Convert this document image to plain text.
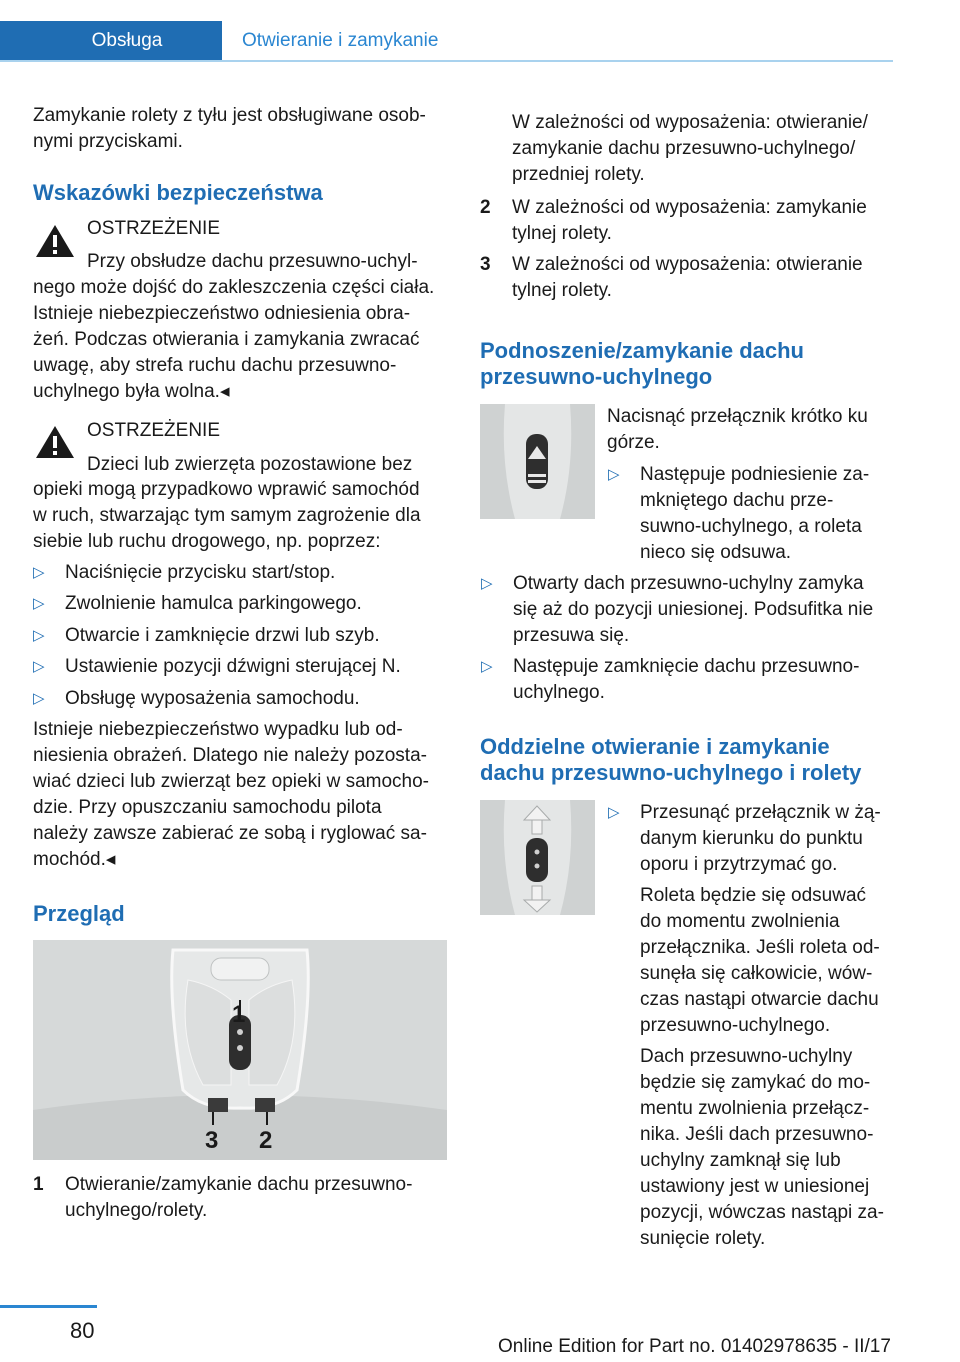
Obsługa	Otwieranie i zamykanie

Zamykanie rolety z tyłu jest obsługiwane osob-

nymi przyciskami.

Wskazówki bezpieczeństwa

OSTRZEŻENIE

Przy obsłudze dachu przesuwno-uchyl-

nego może dojść do zakleszczenia części ciała.

Istnieje niebezpieczeństwo odniesienia obra-

żeń. Podczas otwierania i zamykania zwracać

uwagę, aby strefa ruchu dachu przesuwno-

uchylnego była wolna.◂

OSTRZEŻENIE

Dzieci lub zwierzęta pozostawione bez

opieki mogą przypadkowo wprawić samochód

w ruch, stwarzając tym samym zagrożenie dla

siebie lub ruchu drogowego, np. poprzez:

▷ Naciśnięcie przycisku start/stop.
▷ Zwolnienie hamulca parkingowego.
▷ Otwarcie i zamknięcie drzwi lub szyb.
▷ Ustawienie pozycji dźwigni sterującej N.
▷ Obsługę wyposażenia samochodu.

Istnieje niebezpieczeństwo wypadku lub od-

niesienia obrażeń. Dlatego nie należy pozosta-

wiać dzieci lub zwierząt bez opieki w samocho-

dzie. Przy opuszczaniu samochodu pilota

należy zawsze zabierać ze sobą i ryglować sa-

mochód.◂

Przegląd
1
3 2
1 Otwieranie/zamykanie dachu przesuwno-

uchylnego/rolety.

W zależności od wyposażenia: otwieranie/

zamykanie dachu przesuwno-uchylnego/

przedniej rolety.

2 W zależności od wyposażenia: zamykanie

tylnej rolety.

3 W zależności od wyposażenia: otwieranie

tylnej rolety.

Podnoszenie/zamykanie dachu
przesuwno-uchylnego

Nacisnąć przełącznik krótko ku

górze.

▷ Następuje podniesienie za-

mkniętego dachu prze-

suwno-uchylnego, a roleta

nieco się odsuwa.

▷ Otwarty dach przesuwno-uchylny zamyka

się aż do pozycji uniesionej. Podsufitka nie

przesuwa się.

▷ Następuje zamknięcie dachu przesuwno-

uchylnego.

Oddzielne otwieranie i zamykanie
dachu przesuwno-uchylnego i rolety
▷ Przesunąć przełącznik w żą-

danym kierunku do punktu

oporu i przytrzymać go.

Roleta będzie się odsuwać

do momentu zwolnienia

przełącznika. Jeśli roleta od-

sunęła się całkowicie, wów-

czas nastąpi otwarcie dachu

przesuwno-uchylnego.

Dach przesuwno-uchylny

będzie się zamykać do mo-

mentu zwolnienia przełącz-

nika. Jeśli dach przesuwno-

uchylny zamknął się lub

ustawiony jest w uniesionej

pozycji, wówczas nastąpi za-

sunięcie rolety.

80
Online Edition for Part no. 01402978635 - II/17
